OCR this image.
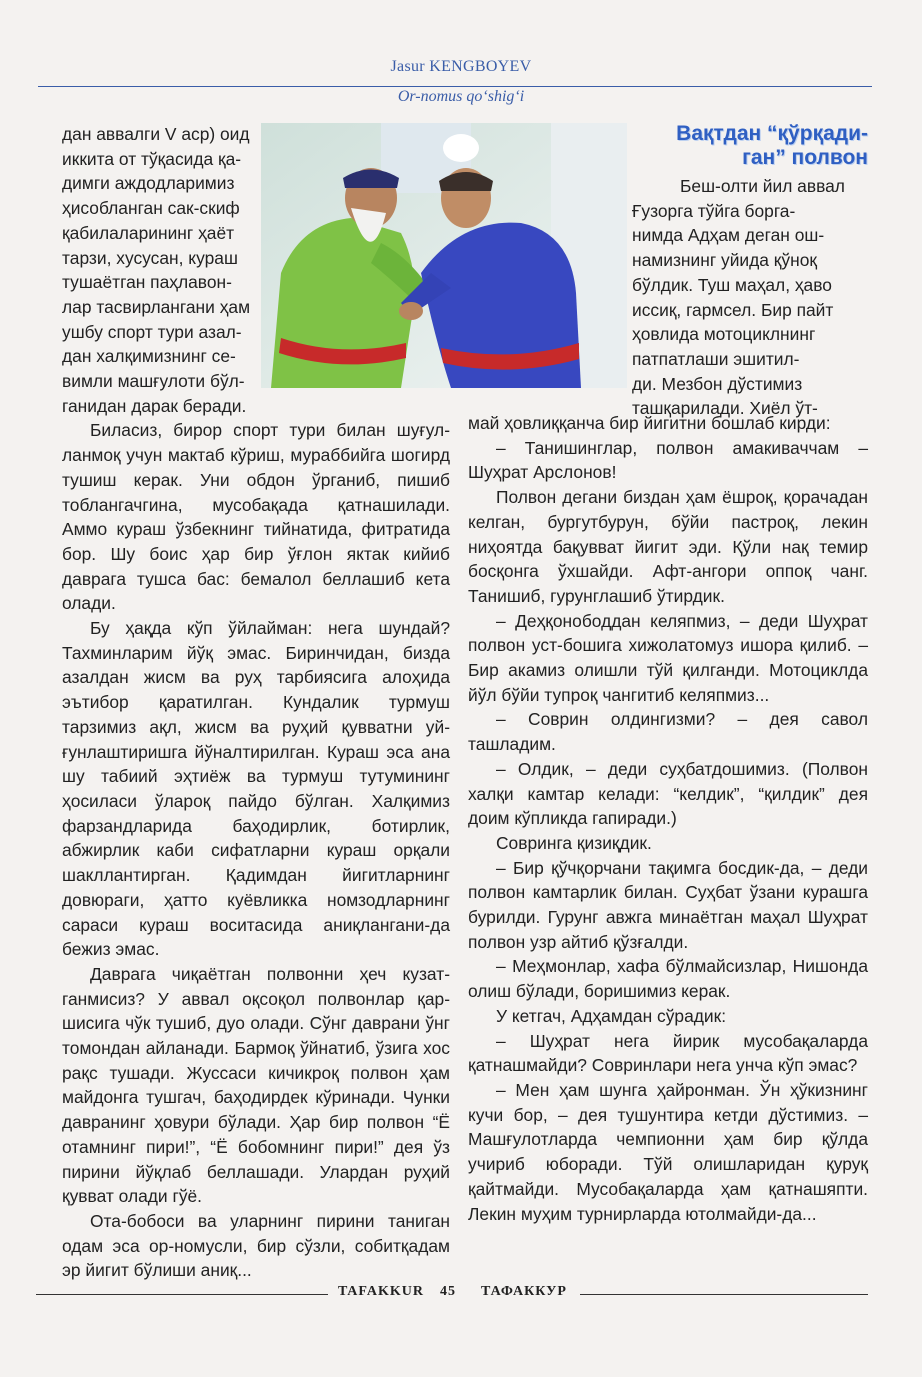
Jasur KENGBOYEV
Or-nomus qo‘shig‘i
дан аввалги V аср) оид
иккита от тўқасида қа-
димги аждодларимиз
ҳисобланган сак-скиф
қабилаларининг ҳаёт
тарзи, хусусан, кураш
тушаётган паҳлавон-
лар тасвирлангани ҳам
ушбу спорт тури азал-
дан халқимизнинг се-
вимли машғулоти бўл-
ганидан дарак беради.

Биласиз, бирор спорт тури билан шуғулланмоқ учун мактаб кўриш, мураббийга шогирд тушиш керак. Уни обдон ўрганиб, пишиб тоблангачгина, мусобақада қатнашилади. Аммо кураш ўзбекнинг тийнатида, фитратида бор. Шу боис ҳар бир ўғлон яктак кийиб даврага тушса бас: бемалол беллашиб кета олади.

Бу ҳақда кўп ўйлайман: нега шундай? Тахминларим йўқ эмас. Биринчидан, бизда азалдан жисм ва руҳ тарбиясига алоҳида эътибор қаратилган. Кундалик турмуш тарзимиз ақл, жисм ва руҳий қувватни уйғунлаштиришга йўналтирилган. Кураш эса ана шу табиий эҳтиёж ва турмуш тутумининг ҳосиласи ўлароқ пайдо бўлган. Халқимиз фарзандларида баҳодирлик, ботирлик, абжирлик каби сифатларни кураш орқали шакллантирган. Қадимдан йигитларнинг довюраги, ҳатто куёвликка номзодларнинг сараси кураш воситасида аниқлангани-да бежиз эмас.

Даврага чиқаётган полвонни ҳеч кузатганмисиз? У аввал оқсоқол полвонлар қаршисига чўк тушиб, дуо олади. Сўнг даврани ўнг томондан айланади. Бармоқ ўйнатиб, ўзига хос рақс тушади. Жуссаси кичикроқ полвон ҳам майдонга тушгач, баҳодирдек кўринади. Чунки давранинг ҳовури бўлади. Ҳар бир полвон “Ё отамнинг пири!”, “Ё бобомнинг пири!” дея ўз пирини йўқлаб беллашади. Улардан руҳий қувват олади гўё.

Ота-бобоси ва уларнинг пирини таниган одам эса ор-номусли, бир сўзли, собитқадам эр йигит бўлиши аниқ...

Вақтдан “қўрқади-
ган” полвон
Беш-олти йил аввал
Ғузорга тўйга борга-
нимда Адҳам деган ош-
намизнинг уйида қўноқ
бўлдик. Туш маҳал, ҳаво
иссиқ, гармсел. Бир пайт
ҳовлида мотоциклнинг
патпатлаши эшитил-
ди. Мезбон дўстимиз
ташқарилади. Хиёл ўт-

май ҳовлиққанча бир йигитни бошлаб кирди:

– Танишинглар, полвон амакиваччам – Шуҳрат Арслонов!

Полвон дегани биздан ҳам ёшроқ, қорачадан келган, бургутбурун, бўйи пастроқ, лекин ниҳоятда бақувват йигит эди. Қўли нақ темир босқонга ўхшайди. Афт-ангори оппоқ чанг. Танишиб, гурунглашиб ўтирдик.

– Деҳқонободдан келяпмиз, – деди Шуҳрат полвон уст-бошига хижолатомуз ишора қилиб. – Бир акамиз олишли тўй қилганди. Мотоциклда йўл бўйи тупроқ чангитиб келяпмиз...

– Соврин олдингизми? – дея савол ташладим.

– Олдик, – деди суҳбатдошимиз. (Полвон халқи камтар келади: “келдик”, “қилдик” дея доим кўпликда гапиради.)

Совринга қизиқдик.

– Бир қўчқорчани тақимга босдик-да, – деди полвон камтарлик билан. Суҳбат ўзани курашга бурилди. Гурунг авжга минаётган маҳал Шуҳрат полвон узр айтиб қўзғалди.

– Меҳмонлар, хафа бўлмайсизлар, Нишонда олиш бўлади, боришимиз керак.

У кетгач, Адҳамдан сўрадик:

– Шуҳрат нега йирик мусобақаларда қатнашмайди? Совринлари нега унча кўп эмас?

– Мен ҳам шунга ҳайронман. Ўн ҳўкизнинг кучи бор, – дея тушунтира кетди дўстимиз. – Машғулотларда чемпионни ҳам бир қўлда учириб юборади. Тўй олишларидан қуруқ қайтмайди. Мусобақаларда ҳам қатнашяпти. Лекин муҳим турнирларда ютолмайди-да...

TAFAKKUR 45 ТАФАККУР
